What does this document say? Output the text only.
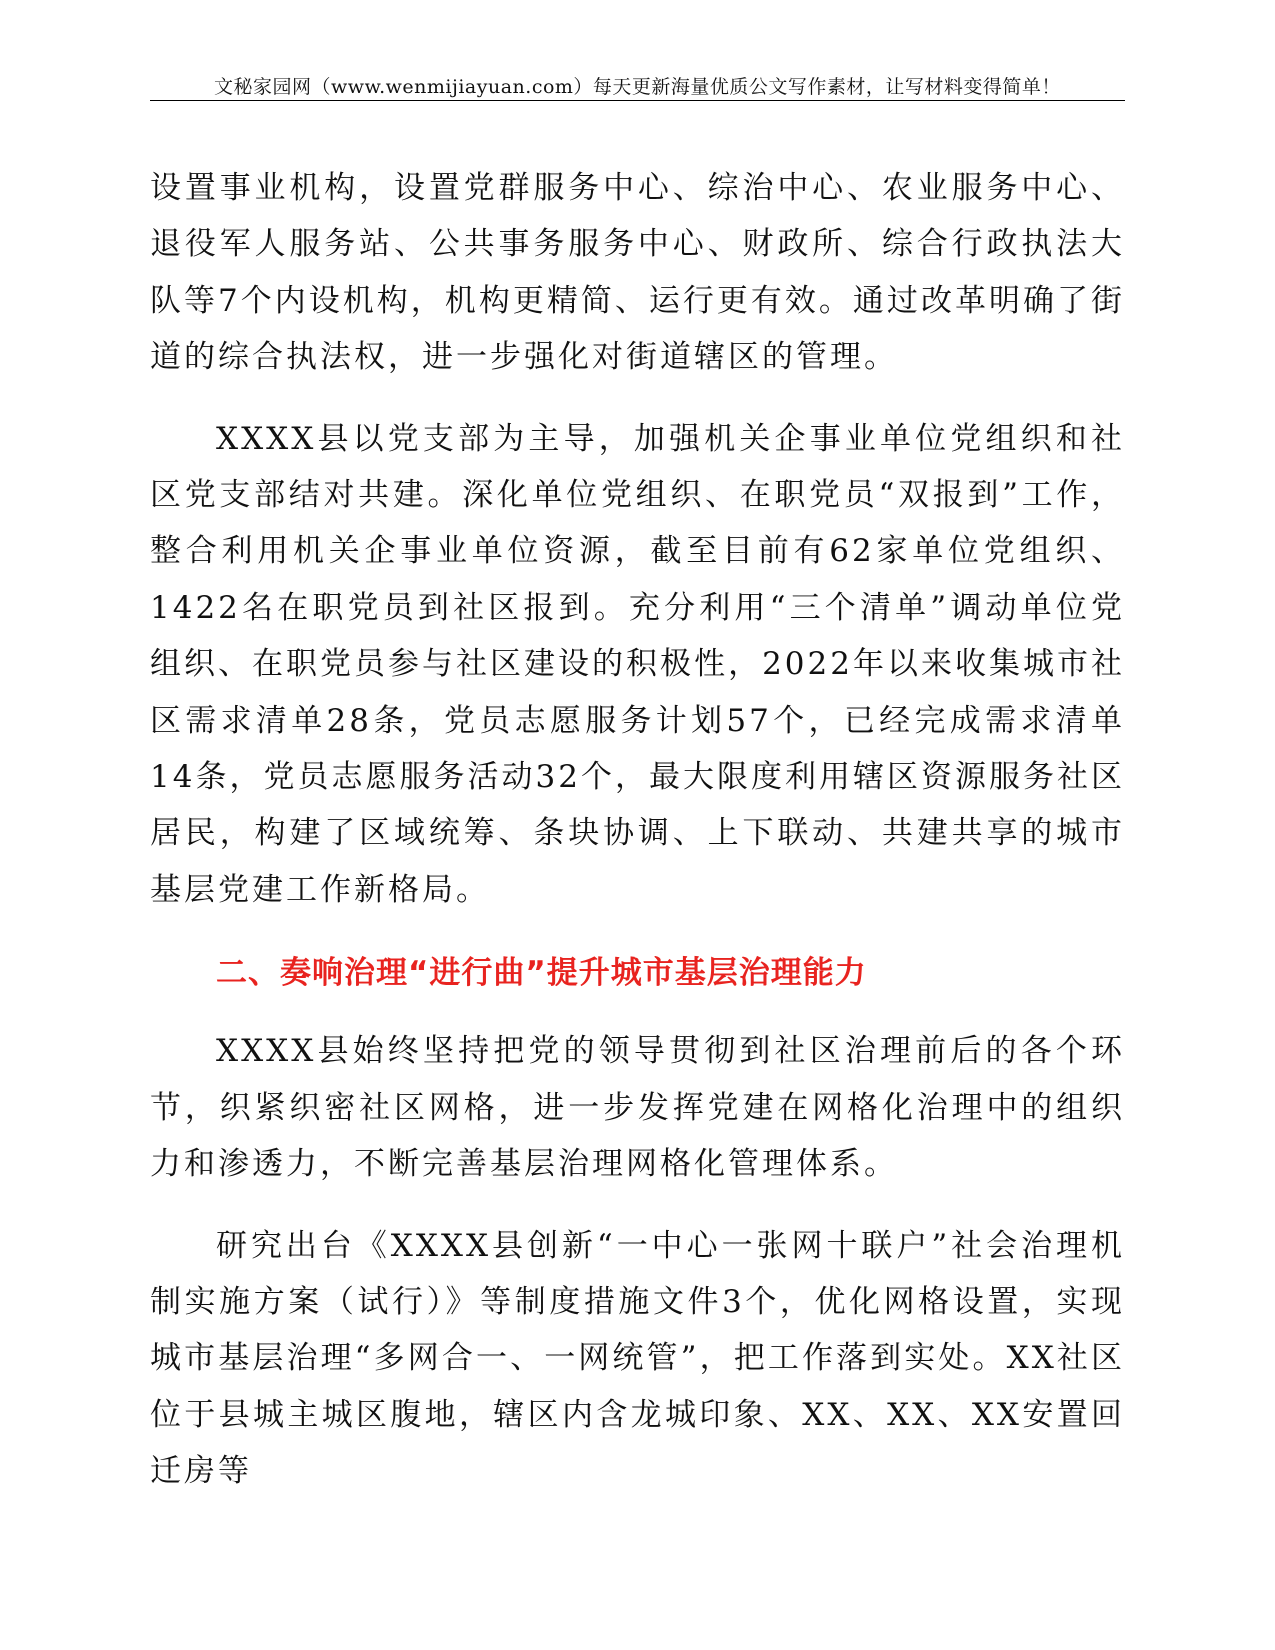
文秘家园网（www.wenmijiayuan.com）每天更新海量优质公文写作素材，让写材料变得简单！

设置事业机构，设置党群服务中心、综治中心、农业服务中心、退役军人服务站、公共事务服务中心、财政所、综合行政执法大队等7个内设机构，机构更精简、运行更有效。通过改革明确了街道的综合执法权，进一步强化对街道辖区的管理。

XXXX县以党支部为主导，加强机关企事业单位党组织和社区党支部结对共建。深化单位党组织、在职党员“双报到”工作，整合利用机关企事业单位资源，截至目前有62家单位党组织、1422名在职党员到社区报到。充分利用“三个清单”调动单位党组织、在职党员参与社区建设的积极性，2022年以来收集城市社区需求清单28条，党员志愿服务计划57个，已经完成需求清单14条，党员志愿服务活动32个，最大限度利用辖区资源服务社区居民，构建了区域统筹、条块协调、上下联动、共建共享的城市基层党建工作新格局。

二、奏响治理“进行曲”提升城市基层治理能力

XXXX县始终坚持把党的领导贯彻到社区治理前后的各个环节，织紧织密社区网格，进一步发挥党建在网格化治理中的组织力和渗透力，不断完善基层治理网格化管理体系。

研究出台《XXXX县创新“一中心一张网十联户”社会治理机制实施方案（试行）》等制度措施文件3个，优化网格设置，实现城市基层治理“多网合一、一网统管”，把工作落到实处。XX社区位于县城主城区腹地，辖区内含龙城印象、XX、XX、XX安置回迁房等
